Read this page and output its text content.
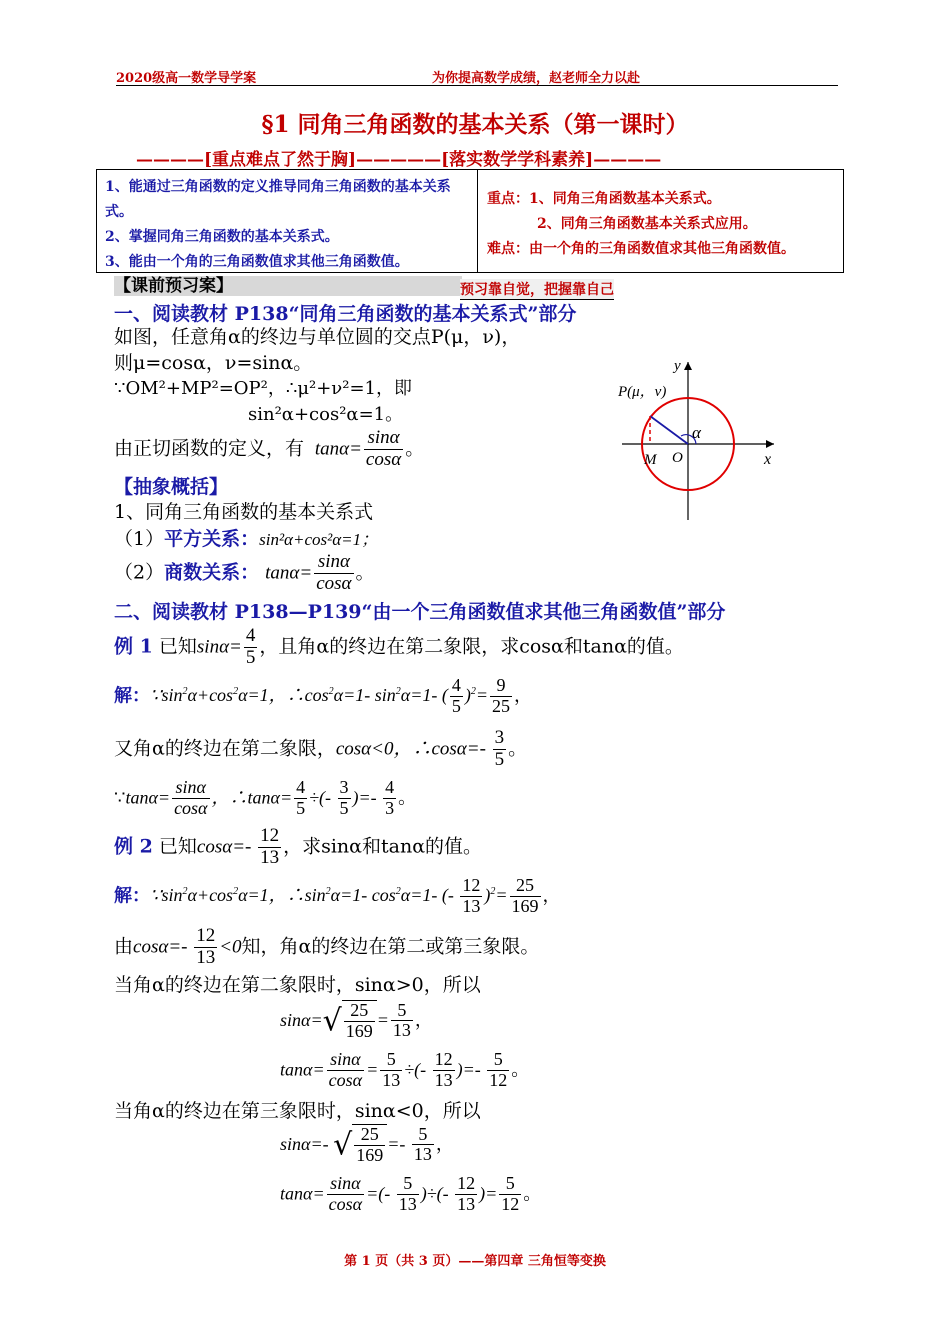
2020级高一数学导学案	为你提高数学成绩，赵老师全力以赴
§1 同角三角函数的基本关系（第一课时）
————[重点难点了然于胸]—————[落实数学学科素养]————
1、能通过三角函数的定义推导同角三角函数的基本关系式。
2、掌握同角三角函数的基本关系式。
3、能由一个角的三角函数值求其他三角函数值。
重点：1、同角三角函数基本关系式。
2、同角三角函数基本关系式应用。
难点：由一个角的三角函数值求其他三角函数值。
【课前预习案】	预习靠自觉，把握靠自己
一、阅读教材 P138“同角三角函数的基本关系式”部分
如图，任意角α的终边与单位圆的交点P(μ，ν)，
则μ=cosα，ν=sinα。
∵OM²+MP²=OP²，∴μ²+ν²=1，即
sin²α+cos²α=1。
由正切函数的定义，有  $\tan\alpha= \frac{\sin\alpha}{\cos\alpha}$ 。
y
x
P(μ，ν)
α
M O
【抽象概括】
1、同角三角函数的基本关系式
（1）平方关系：sin²α+cos²α=1；
（2）商数关系： $\tan\alpha= \frac{\sin\alpha}{\cos\alpha}$ 。
二、阅读教材 P138—P139“由一个三角函数值求其他三角函数值”部分
例 1 已知$\sin\alpha= \frac{4}{5}$ ，且角α的终边在第二象限，求cosα和tanα的值。
解：$\because\sin^2\alpha+\cos^2\alpha=1$，$\therefore\cos^2\alpha=1-$ $\sin^2\alpha=1-$ ( $\frac{4}{5} )^2= \frac{9}{25}$ ，
又角α的终边在第二象限，cosα<0，∴cosα=- $\frac{3}{5}$ 。
∵tanα= $\frac{\sin\alpha}{\cos\alpha}$ ，∴tanα= $\frac{4}{5}$ ÷(- $\frac{3}{5}$ )=- $\frac{4}{3}$ 。
例 2 已知$\cos\alpha=- \frac{12}{13}$ ，求sinα和tanα的值。
解：$\because\sin^2\alpha+\cos^2\alpha=1$，$\therefore\sin^2\alpha=1-$ $\cos^2\alpha=1-$ (- $\frac{12}{13} )^2= \frac{25}{169}$ ，
由$\cos\alpha=- \frac{12}{13} <0$知，角α的终边在第二或第三象限。
当角α的终边在第二象限时，sinα>0，所以
$\sin\alpha=√ \frac{25}{169} = \frac{5}{13}$ ，
$\tan\alpha= \frac{\sin\alpha}{\cos\alpha} = \frac{5}{13}$ ÷(- $\frac{12}{13}$ )=- $\frac{5}{12}$ 。
当角α的终边在第三象限时，sinα<0，所以
sinα=- √ $\frac{25}{169} =- \frac{5}{13}$ ，
$\tan\alpha= \frac{\sin\alpha}{\cos\alpha}$ =(- $\frac{5}{13}$ )÷(- $\frac{12}{13}$ )= $\frac{5}{12}$ 。
第 1 页（共 3 页）——第四章 三角恒等变换
